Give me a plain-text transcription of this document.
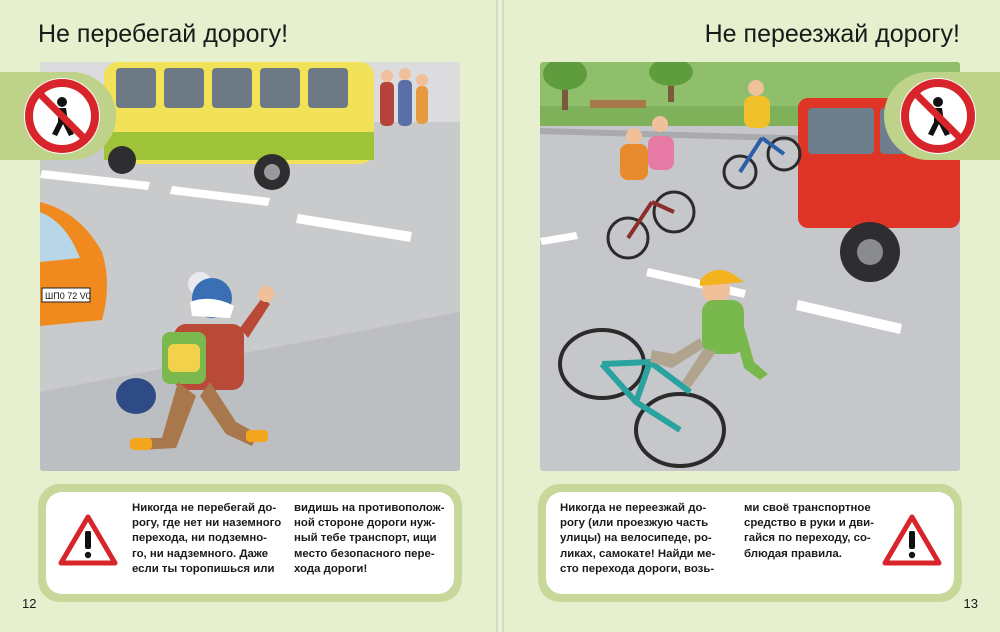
Не перебегай дорогу!
ШП0 72 V0

Никогда не перебегай до-
рогу, где нет ни наземного
перехода, ни подземно-
го, ни надземного. Даже
если ты торопишься или

видишь на противополож-
ной стороне дороги нуж-
ный тебе транспорт, ищи
место безопасного пере-
хода дороги!

12
Не переезжай дорогу!

Никогда не переезжай до-
рогу (или проезжую часть
улицы) на велосипеде, ро-
ликах, самокате! Найди ме-
сто перехода дороги, возь-

ми своё транспортное
средство в руки и дви-
гайся по переходу, со-
блюдая правила.

13
